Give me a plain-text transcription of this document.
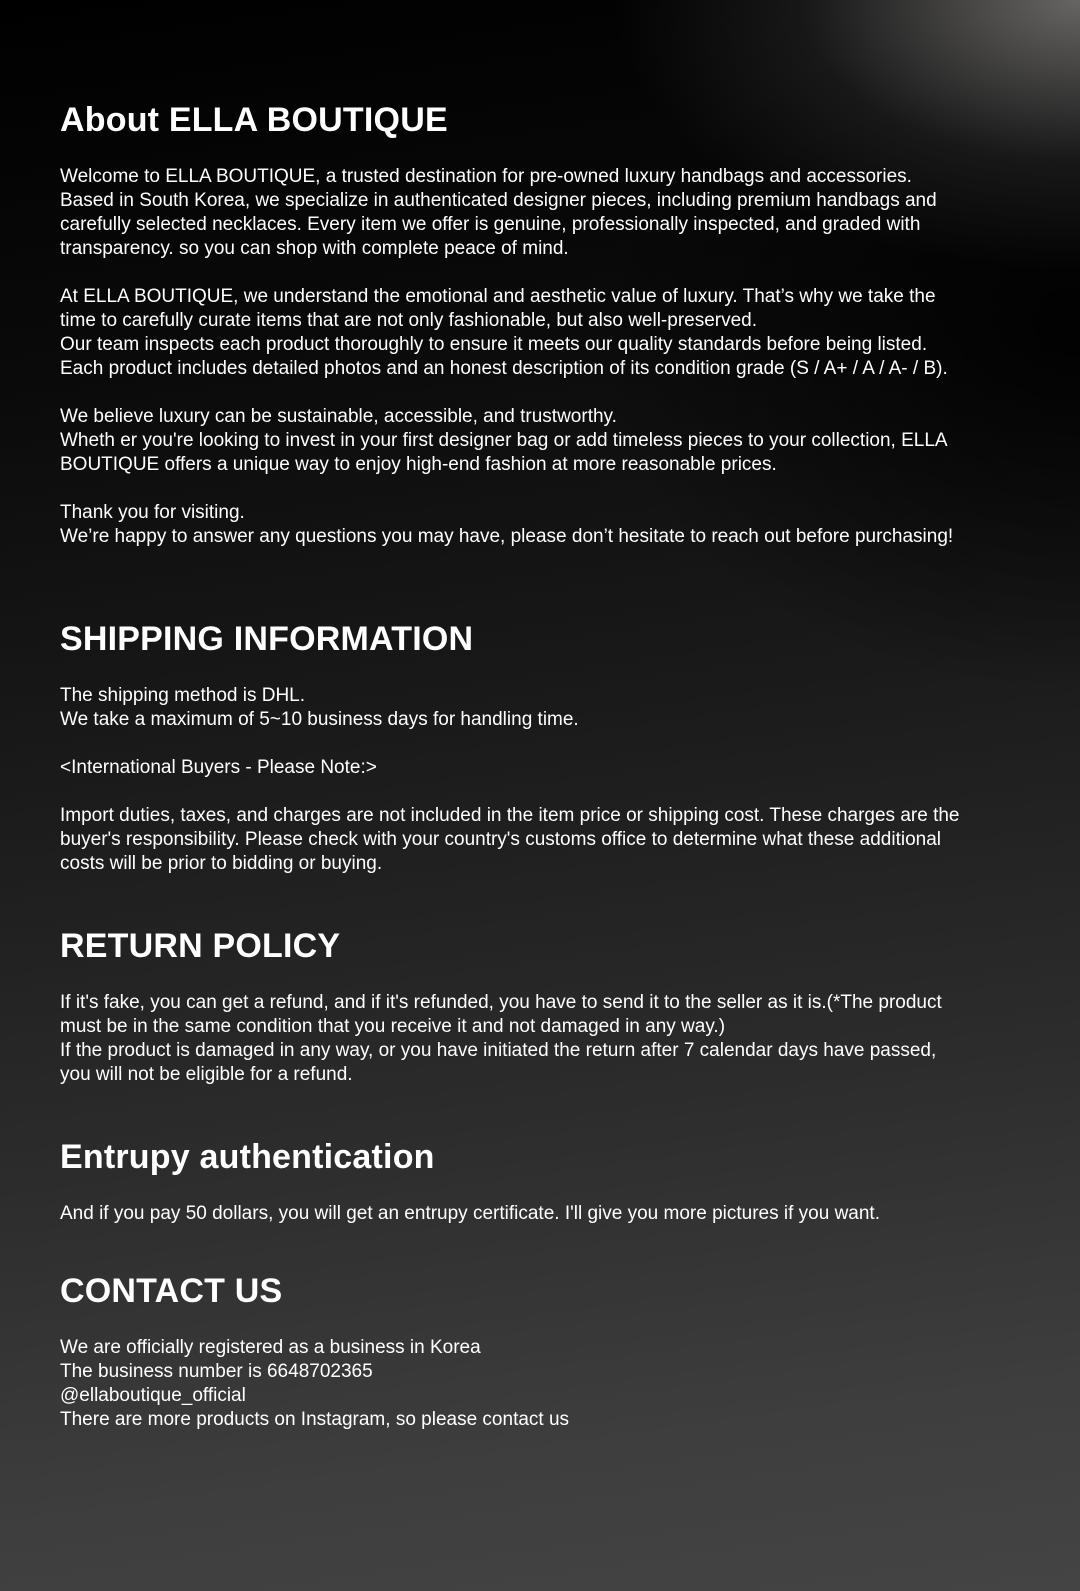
About ELLA BOUTIQUE

Welcome to ELLA BOUTIQUE, a trusted destination for pre-owned luxury handbags and accessories.
Based in South Korea, we specialize in authenticated designer pieces, including premium handbags and
carefully selected necklaces. Every item we offer is genuine, professionally inspected, and graded with
transparency. so you can shop with complete peace of mind.

At ELLA BOUTIQUE, we understand the emotional and aesthetic value of luxury. That’s why we take the
time to carefully curate items that are not only fashionable, but also well-preserved.
Our team inspects each product thoroughly to ensure it meets our quality standards before being listed.
Each product includes detailed photos and an honest description of its condition grade (S / A+ / A / A- / B).

We believe luxury can be sustainable, accessible, and trustworthy.
Wheth er you're looking to invest in your first designer bag or add timeless pieces to your collection, ELLA
BOUTIQUE offers a unique way to enjoy high-end fashion at more reasonable prices.

Thank you for visiting.
We’re happy to answer any questions you may have, please don’t hesitate to reach out before purchasing!

SHIPPING INFORMATION

The shipping method is DHL.
We take a maximum of 5~10 business days for handling time.

<International Buyers - Please Note:>

Import duties, taxes, and charges are not included in the item price or shipping cost. These charges are the
buyer's responsibility. Please check with your country's customs office to determine what these additional
costs will be prior to bidding or buying.

RETURN POLICY

If it's fake, you can get a refund, and if it's refunded, you have to send it to the seller as it is.(*The product
must be in the same condition that you receive it and not damaged in any way.)
If the product is damaged in any way, or you have initiated the return after 7 calendar days have passed,
you will not be eligible for a refund.

Entrupy authentication

And if you pay 50 dollars, you will get an entrupy certificate. I'll give you more pictures if you want.

CONTACT US

We are officially registered as a business in Korea
The business number is 6648702365
@ellaboutique_official
There are more products on Instagram, so please contact us
